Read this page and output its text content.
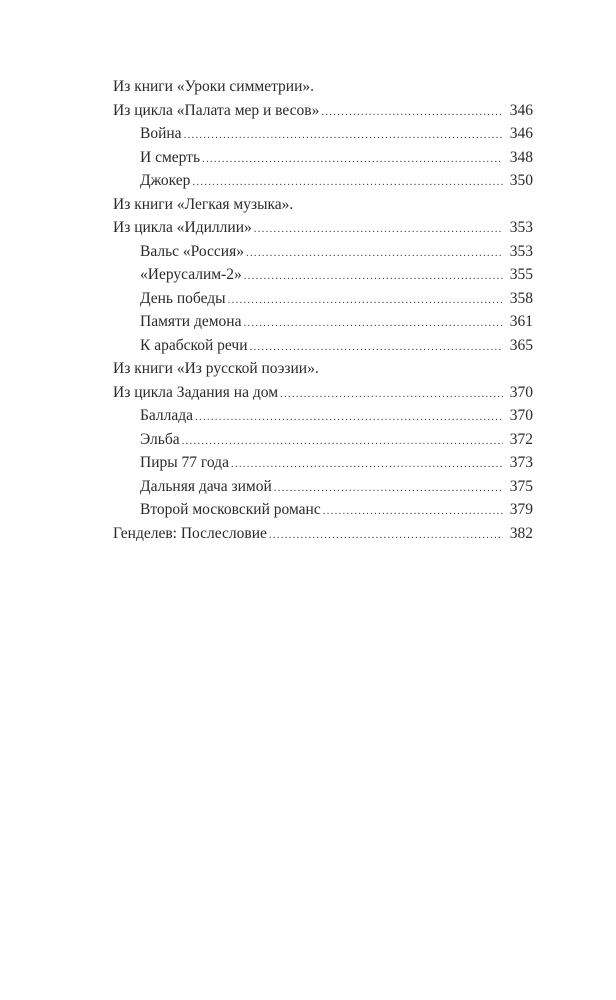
Из книги «Уроки симметрии».
Из цикла «Палата мер и весов» .....	346
Война .....	346
И смерть .....	348
Джокер .....	350
Из книги «Легкая музыка».
Из цикла «Идиллии» .....	353
Вальс «Россия» .....	353
«Иерусалим-2» .....	355
День победы .....	358
Памяти демона .....	361
К арабской речи .....	365
Из книги «Из русской поэзии».
Из цикла Задания на дом .....	370
Баллада .....	370
Эльба .....	372
Пиры 77 года .....	373
Дальняя дача зимой .....	375
Второй московский романс .....	379
Генделев: Послесловие .....	382
